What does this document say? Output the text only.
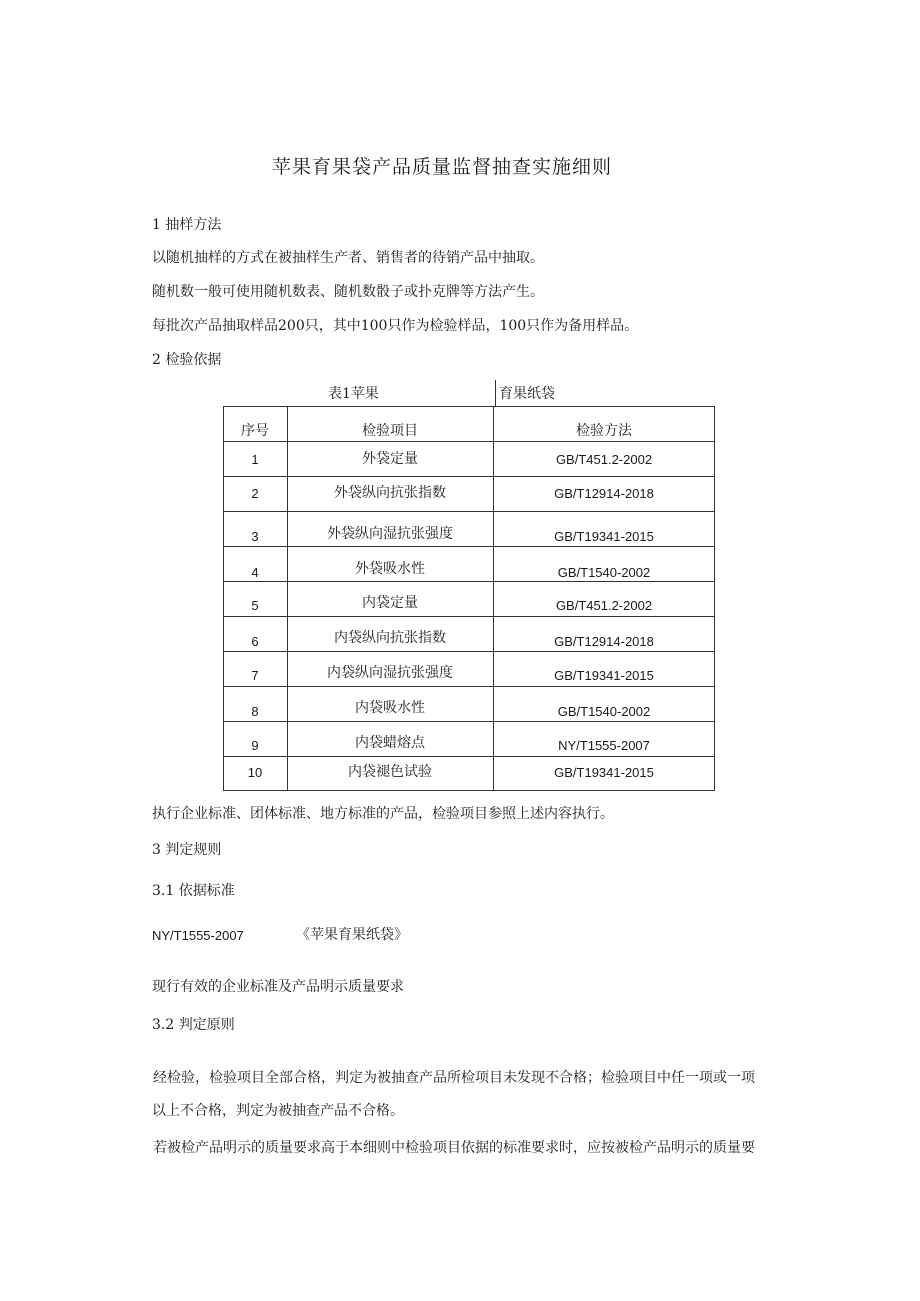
苹果育果袋产品质量监督抽查实施细则
1 抽样方法
以随机抽样的方式在被抽样生产者、销售者的待销产品中抽取。
随机数一般可使用随机数表、随机数骰子或扑克牌等方法产生。
每批次产品抽取样品200只，其中100只作为检验样品，100只作为备用样品。
2 检验依据
表1苹果	育果纸袋
序号	检验项目	检验方法
1	外袋定量	GB/T451.2-2002
2	外袋纵向抗张指数	GB/T12914-2018
3	外袋纵向湿抗张强度	GB/T19341-2015
4	外袋吸水性	GB/T1540-2002
5	内袋定量	GB/T451.2-2002
6	内袋纵向抗张指数	GB/T12914-2018
7	内袋纵向湿抗张强度	GB/T19341-2015
8	内袋吸水性	GB/T1540-2002
9	内袋蜡熔点	NY/T1555-2007
10	内袋褪色试验	GB/T19341-2015
执行企业标准、团体标准、地方标准的产品，检验项目参照上述内容执行。
3 判定规则
3.1 依据标准
NY/T1555-2007	《苹果育果纸袋》
现行有效的企业标准及产品明示质量要求
3.2 判定原则
经检验，检验项目全部合格，判定为被抽查产品所检项目未发现不合格；检验项目中任一项或一项
以上不合格，判定为被抽查产品不合格。
若被检产品明示的质量要求高于本细则中检验项目依据的标准要求时，应按被检产品明示的质量要
